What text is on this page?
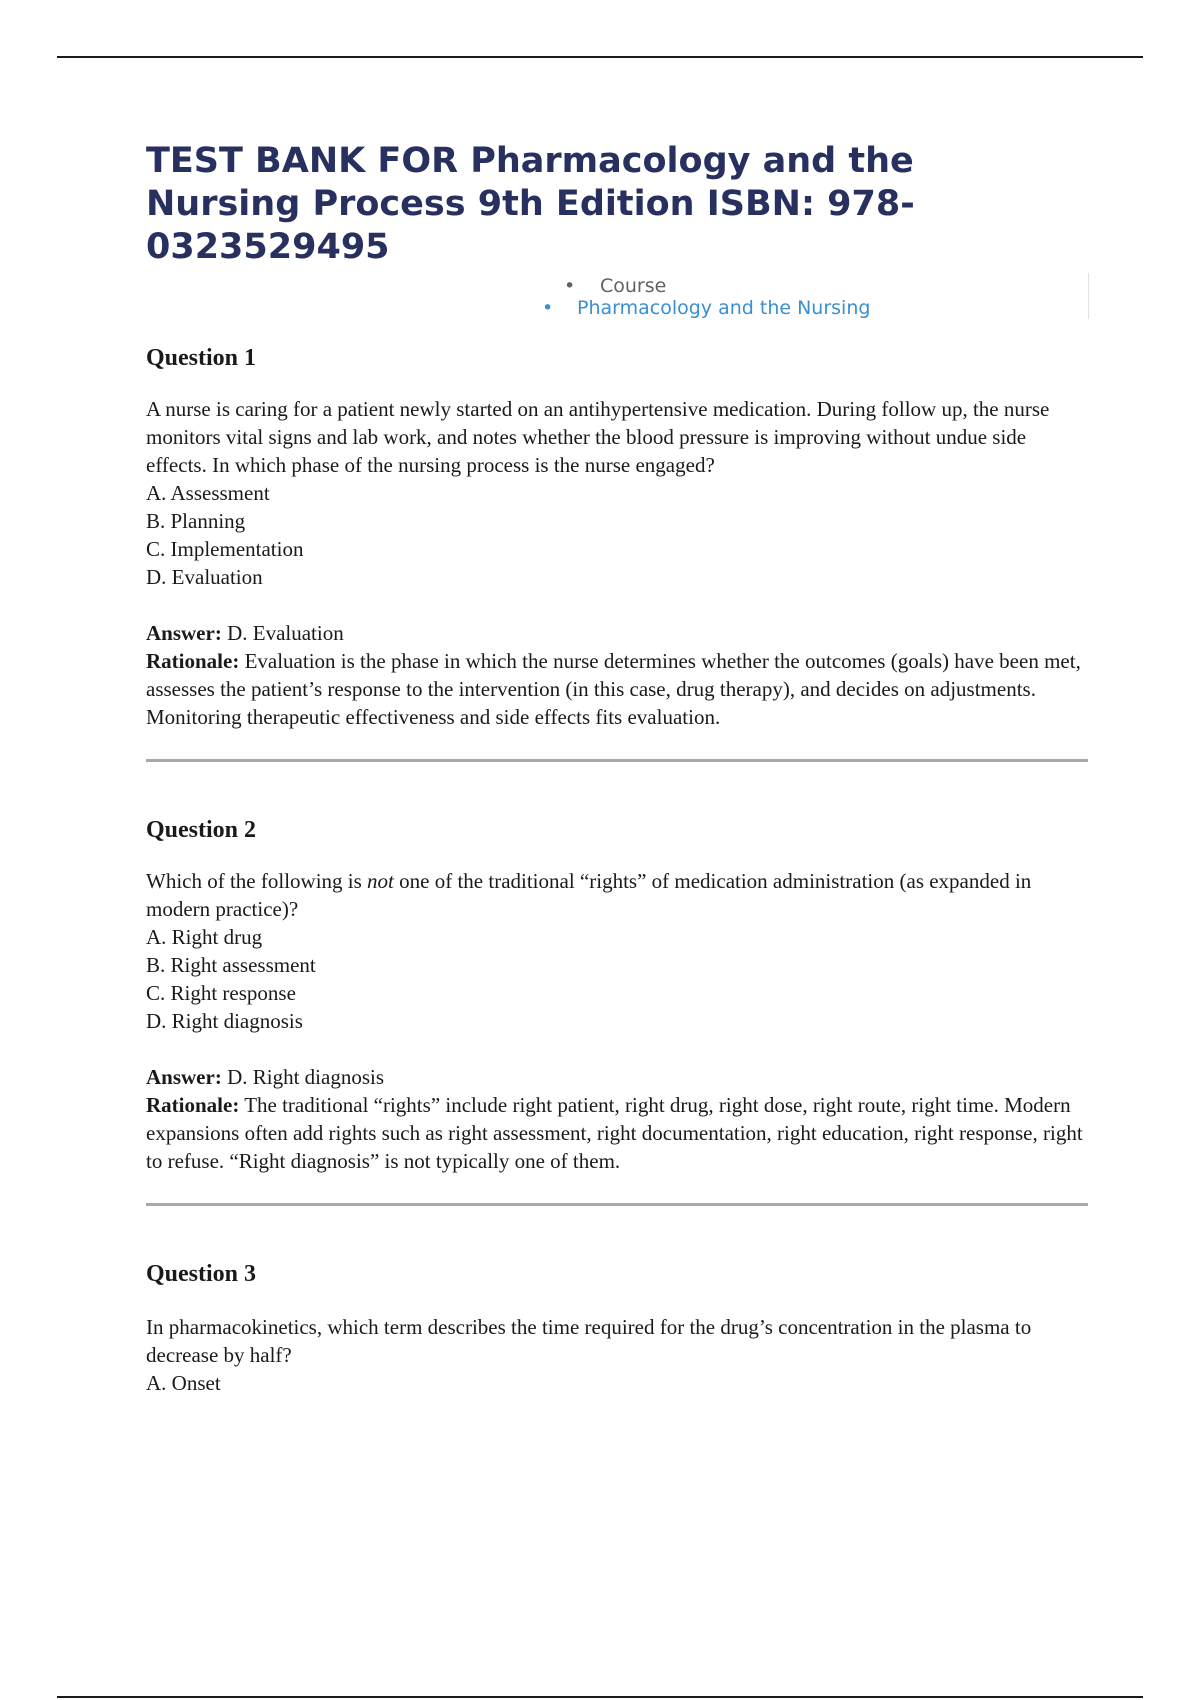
TEST BANK FOR Pharmacology and the Nursing Process 9th Edition ISBN: 978-0323529495
• Course
• Pharmacology and the Nursing
Question 1

A nurse is caring for a patient newly started on an antihypertensive medication. During follow up, the nurse monitors vital signs and lab work, and notes whether the blood pressure is improving without undue side effects. In which phase of the nursing process is the nurse engaged?

A. Assessment
B. Planning
C. Implementation
D. Evaluation

Answer: D. Evaluation

Rationale: Evaluation is the phase in which the nurse determines whether the outcomes (goals) have been met, assesses the patient’s response to the intervention (in this case, drug therapy), and decides on adjustments. Monitoring therapeutic effectiveness and side effects fits evaluation.

Question 2

Which of the following is not one of the traditional “rights” of medication administration (as expanded in modern practice)?

A. Right drug
B. Right assessment
C. Right response
D. Right diagnosis

Answer: D. Right diagnosis

Rationale: The traditional “rights” include right patient, right drug, right dose, right route, right time. Modern expansions often add rights such as right assessment, right documentation, right education, right response, right to refuse. “Right diagnosis” is not typically one of them.

Question 3

In pharmacokinetics, which term describes the time required for the drug’s concentration in the plasma to decrease by half?

A. Onset
